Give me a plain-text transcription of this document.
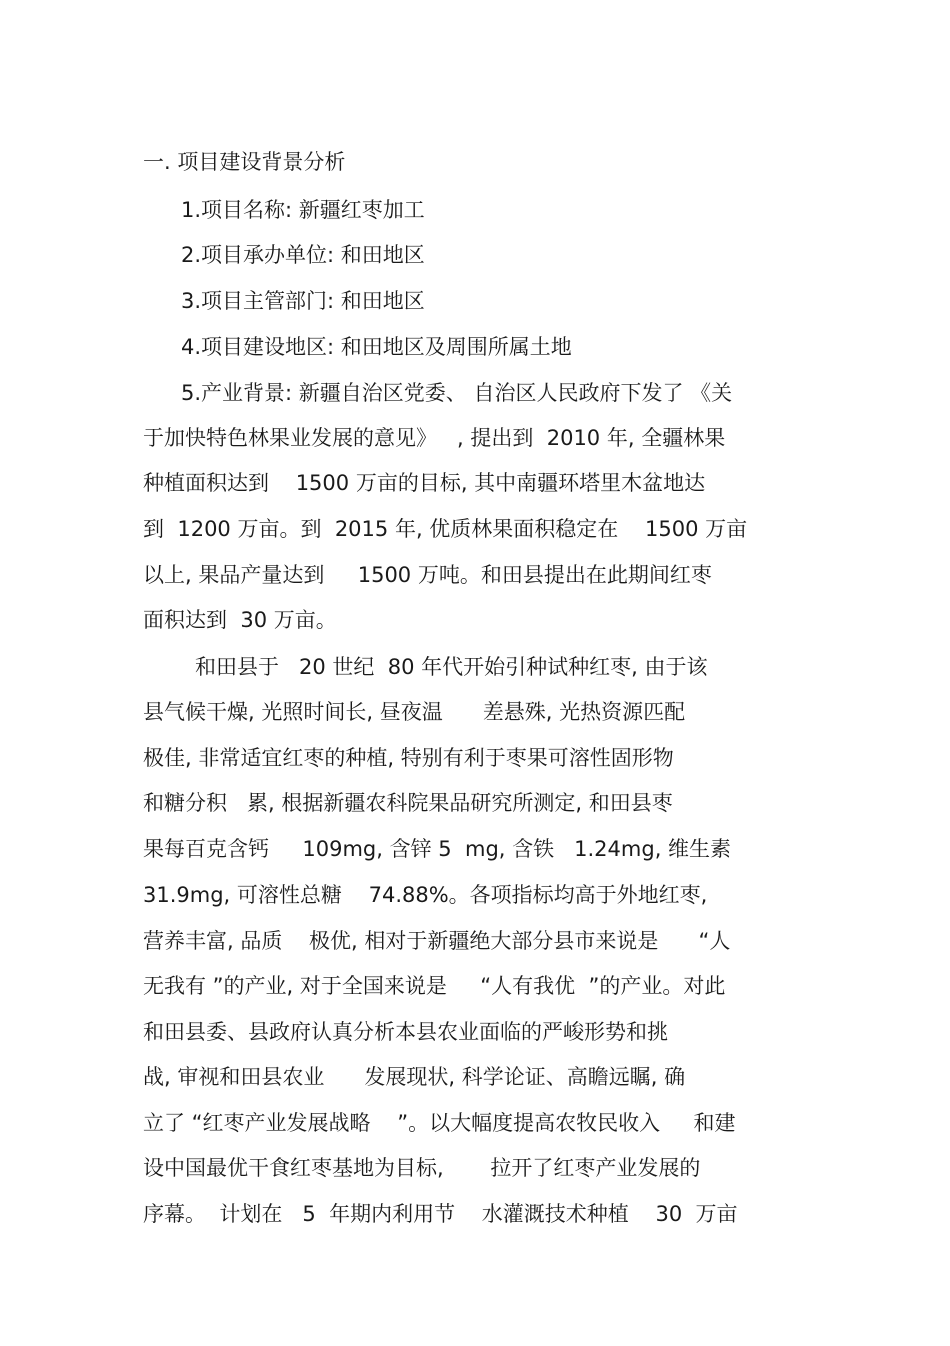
一. 项目建设背景分析
1.项目名称: 新疆红枣加工
2.项目承办单位: 和田地区
3.项目主管部门: 和田地区
4.项目建设地区: 和田地区及周围所属土地
5.产业背景: 新疆自治区党委、 自治区人民政府下发了 《关
于加快特色林果业发展的意见》   , 提出到  2010 年, 全疆林果
种植面积达到    1500 万亩的目标, 其中南疆环塔里木盆地达
到  1200 万亩。到  2015 年, 优质林果面积稳定在    1500 万亩
以上, 果品产量达到     1500 万吨。和田县提出在此期间红枣
面积达到  30 万亩。
和田县于   20 世纪  80 年代开始引种试种红枣, 由于该
县气候干燥, 光照时间长, 昼夜温      差悬殊, 光热资源匹配
极佳, 非常适宜红枣的种植, 特别有利于枣果可溶性固形物
和糖分积   累, 根据新疆农科院果品研究所测定, 和田县枣
果每百克含钙     109mg, 含锌 5  mg, 含铁   1.24mg, 维生素
31.9mg, 可溶性总糖    74.88%。各项指标均高于外地红枣,
营养丰富, 品质    极优, 相对于新疆绝大部分县市来说是      “人
无我有 ”的产业, 对于全国来说是     “人有我优  ”的产业。对此
和田县委、县政府认真分析本县农业面临的严峻形势和挑
战, 审视和田县农业      发展现状, 科学论证、高瞻远瞩, 确
立了 “红枣产业发展战略    ”。以大幅度提高农牧民收入     和建
设中国最优干食红枣基地为目标,       拉开了红枣产业发展的
序幕。  计划在   5  年期内利用节    水灌溉技术种植    30  万亩
